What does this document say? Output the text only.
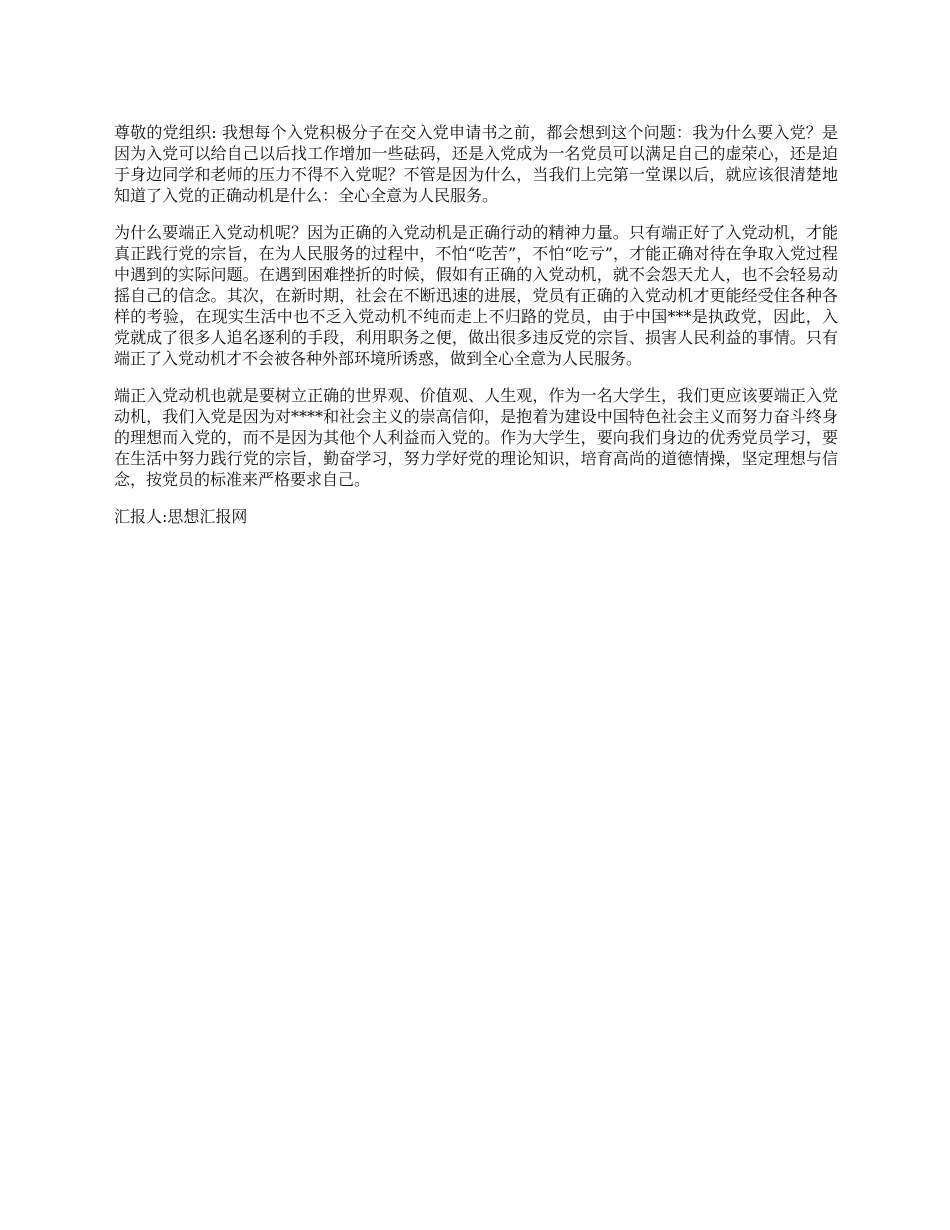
尊敬的党组织: 我想每个入党积极分子在交入党申请书之前，都会想到这个问题：我为什么要入党？是因为入党可以给自己以后找工作增加一些砝码，还是入党成为一名党员可以满足自己的虚荣心，还是迫于身边同学和老师的压力不得不入党呢？不管是因为什么，当我们上完第一堂课以后，就应该很清楚地知道了入党的正确动机是什么：全心全意为人民服务。

为什么要端正入党动机呢？因为正确的入党动机是正确行动的精神力量。只有端正好了入党动机，才能真正践行党的宗旨，在为人民服务的过程中，不怕“吃苦”，不怕“吃亏”，才能正确对待在争取入党过程中遇到的实际问题。在遇到困难挫折的时候，假如有正确的入党动机，就不会怨天尤人，也不会轻易动摇自己的信念。其次，在新时期，社会在不断迅速的进展，党员有正确的入党动机才更能经受住各种各样的考验，在现实生活中也不乏入党动机不纯而走上不归路的党员，由于中国***是执政党，因此，入党就成了很多人追名逐利的手段，利用职务之便，做出很多违反党的宗旨、损害人民利益的事情。只有端正了入党动机才不会被各种外部环境所诱惑，做到全心全意为人民服务。

端正入党动机也就是要树立正确的世界观、价值观、人生观，作为一名大学生，我们更应该要端正入党动机，我们入党是因为对****和社会主义的崇高信仰，是抱着为建设中国特色社会主义而努力奋斗终身的理想而入党的，而不是因为其他个人利益而入党的。作为大学生，要向我们身边的优秀党员学习，要在生活中努力践行党的宗旨，勤奋学习，努力学好党的理论知识，培育高尚的道德情操，坚定理想与信念，按党员的标准来严格要求自己。

汇报人:思想汇报网
